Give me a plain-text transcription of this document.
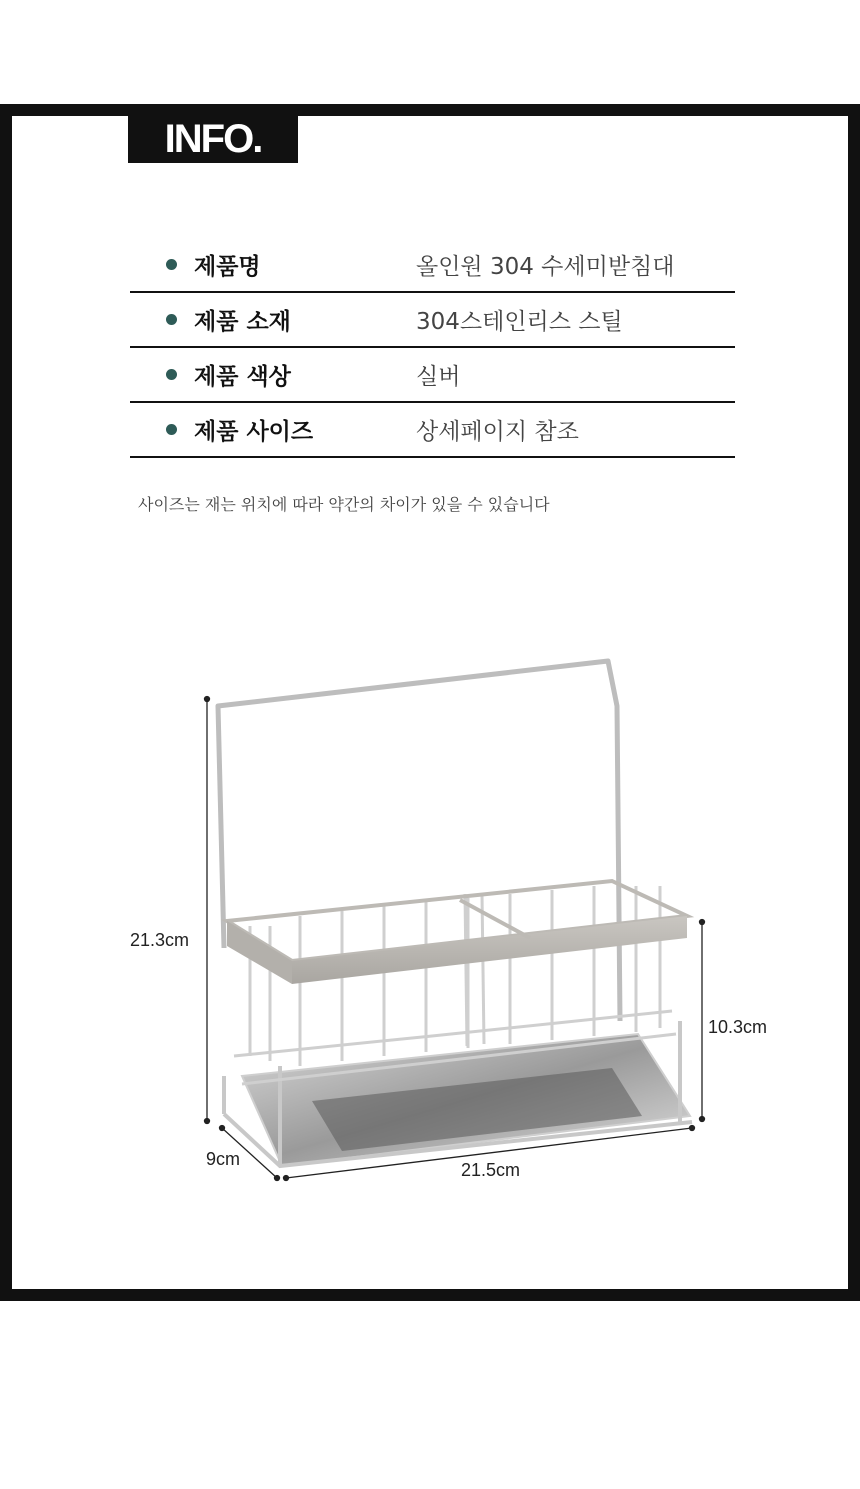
INFO.
제품명	올인원 304 수세미받침대
제품 소재	304스테인리스 스틸
제품 색상	실버
제품 사이즈	상세페이지 참조
사이즈는 재는 위치에 따라 약간의 차이가 있을 수 있습니다
21.3cm
10.3cm
9cm
21.5cm
